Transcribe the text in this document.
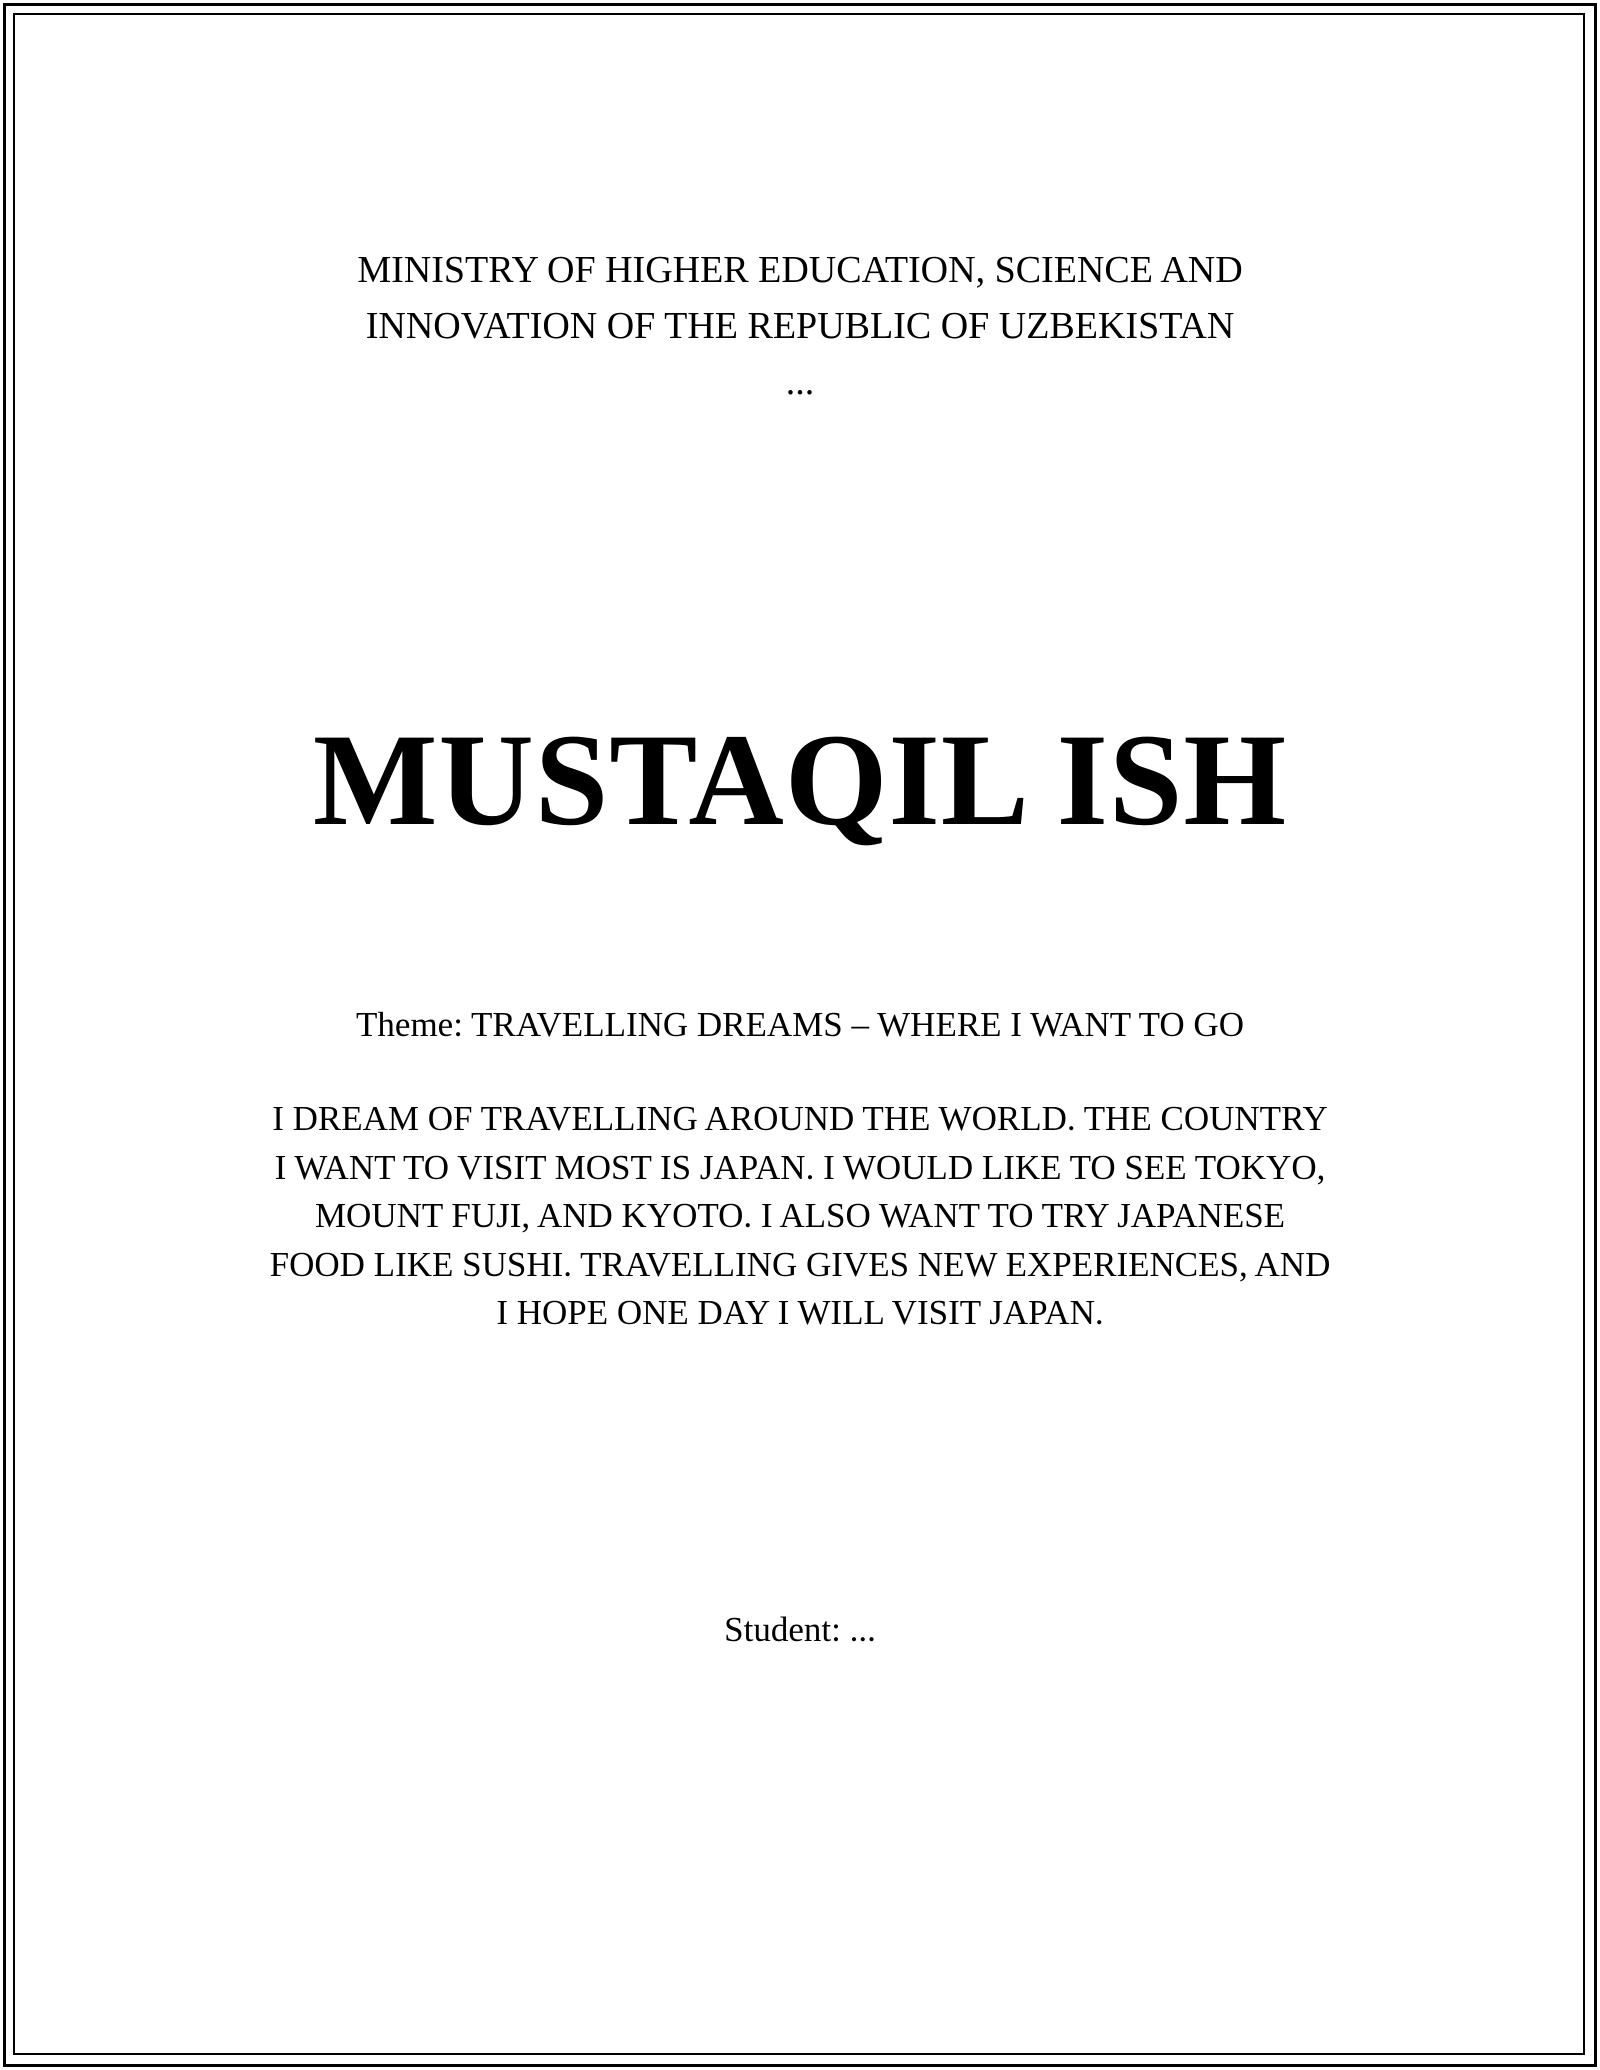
MINISTRY OF HIGHER EDUCATION, SCIENCE AND
INNOVATION OF THE REPUBLIC OF UZBEKISTAN
...
MUSTAQIL ISH
Theme: TRAVELLING DREAMS – WHERE I WANT TO GO
I DREAM OF TRAVELLING AROUND THE WORLD. THE COUNTRY
I WANT TO VISIT MOST IS JAPAN. I WOULD LIKE TO SEE TOKYO,
MOUNT FUJI, AND KYOTO. I ALSO WANT TO TRY JAPANESE
FOOD LIKE SUSHI. TRAVELLING GIVES NEW EXPERIENCES, AND
I HOPE ONE DAY I WILL VISIT JAPAN.
Student: ...
